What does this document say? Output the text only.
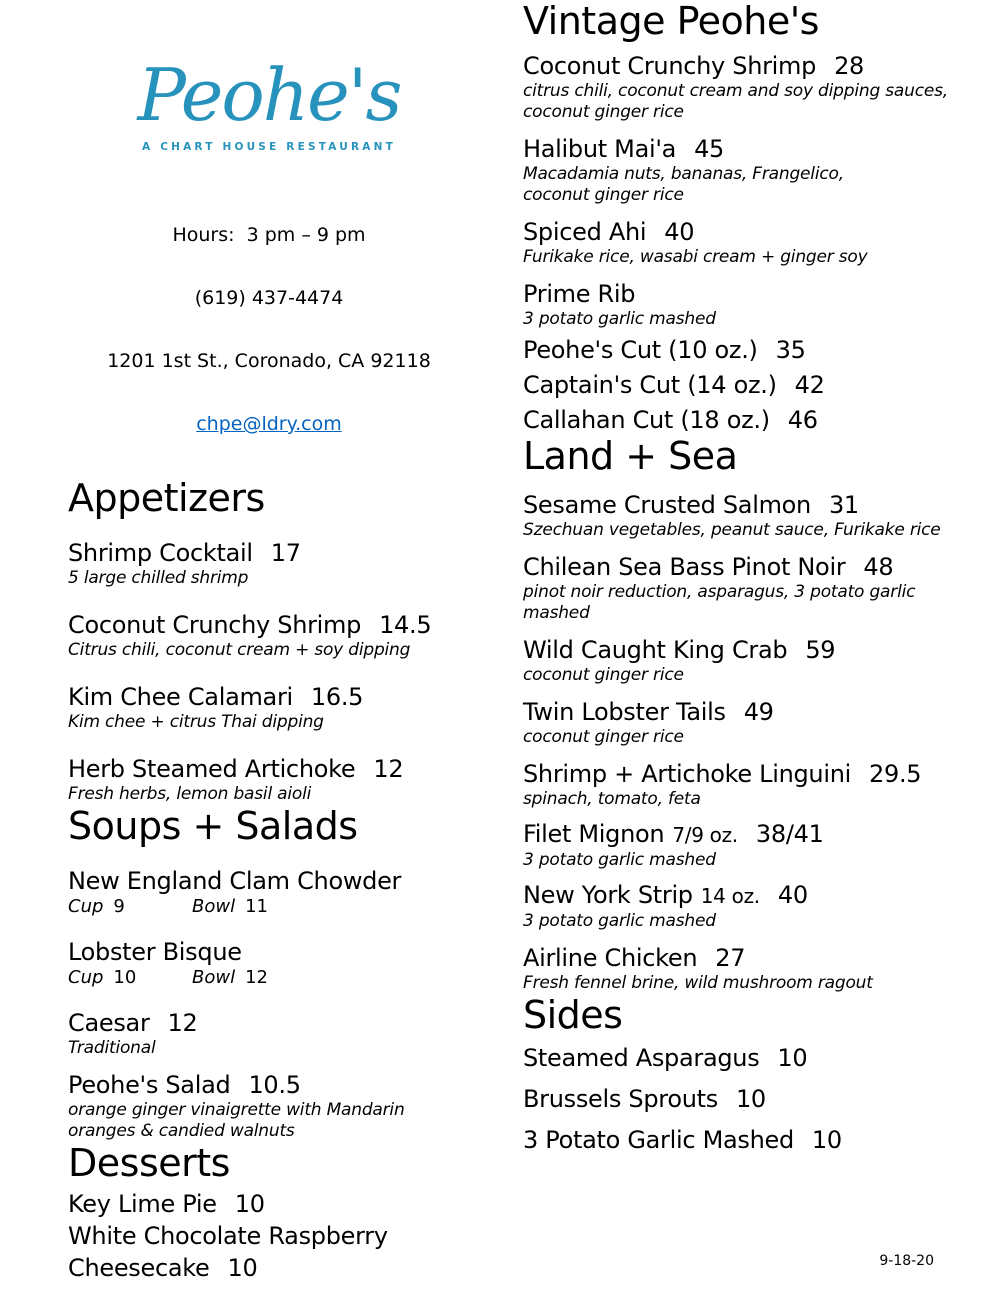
Peohe's
A CHART HOUSE RESTAURANT

Hours:  3 pm – 9 pm

(619) 437-4474

1201 1st St., Coronado, CA 92118

chpe@ldry.com

Appetizers
Shrimp Cocktail 17
5 large chilled shrimp
Coconut Crunchy Shrimp 14.5
Citrus chili, coconut cream + soy dipping
Kim Chee Calamari 16.5
Kim chee + citrus Thai dipping
Herb Steamed Artichoke 12
Fresh herbs, lemon basil aioli
Soups + Salads
New England Clam Chowder
Cup 9	Bowl 11
Lobster Bisque
Cup 10	Bowl 12
Caesar 12
Traditional
Peohe's Salad 10.5
orange ginger vinaigrette with Mandarin oranges & candied walnuts
Desserts
Key Lime Pie 10
White Chocolate Raspberry Cheesecake 10
Vintage Peohe's
Coconut Crunchy Shrimp 28
citrus chili, coconut cream and soy dipping sauces,
coconut ginger rice
Halibut Mai'a 45
Macadamia nuts, bananas, Frangelico,
coconut ginger rice
Spiced Ahi 40
Furikake rice, wasabi cream + ginger soy
Prime Rib
3 potato garlic mashed
Peohe's Cut (10 oz.) 35
Captain's Cut (14 oz.) 42
Callahan Cut (18 oz.) 46
Land + Sea
Sesame Crusted Salmon 31
Szechuan vegetables, peanut sauce, Furikake rice
Chilean Sea Bass Pinot Noir 48
pinot noir reduction, asparagus, 3 potato garlic mashed
Wild Caught King Crab 59
coconut ginger rice
Twin Lobster Tails 49
coconut ginger rice
Shrimp + Artichoke Linguini 29.5
spinach, tomato, feta
Filet Mignon 7/9 oz. 38/41
3 potato garlic mashed
New York Strip 14 oz. 40
3 potato garlic mashed
Airline Chicken 27
Fresh fennel brine, wild mushroom ragout
Sides
Steamed Asparagus 10
Brussels Sprouts 10
3 Potato Garlic Mashed 10
9-18-20
